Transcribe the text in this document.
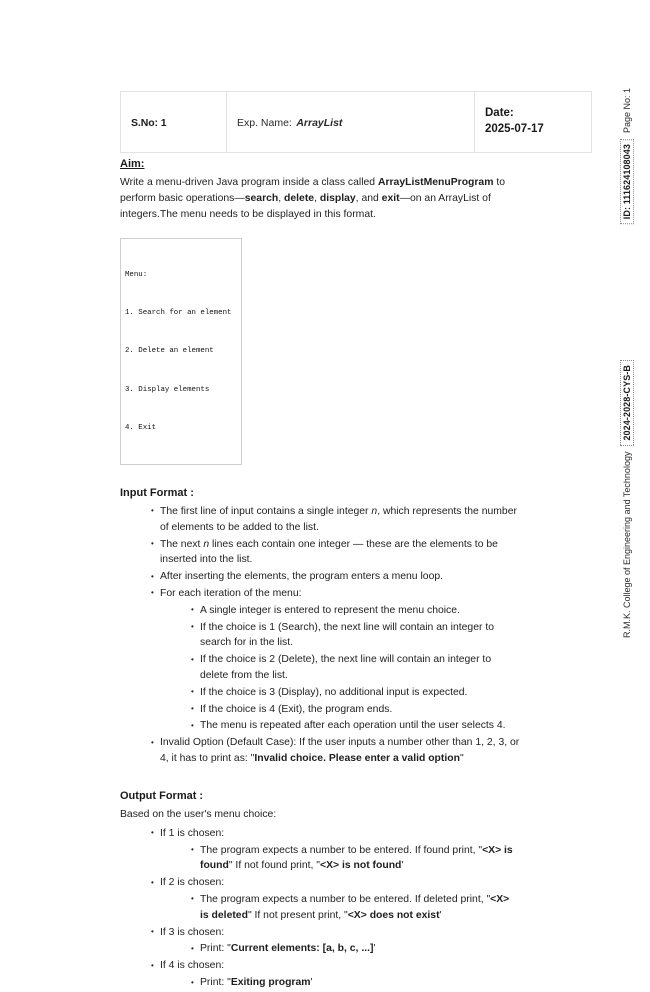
S.No: 1	Exp. Name: ArrayList	
Date:
2025-07-17
Aim:

Write a menu-driven Java program inside a class called ArrayListMenuProgram to perform basic operations—search, delete, display, and exit—on an ArrayList of integers.The menu needs to be displayed in this format.

Menu:

1. Search for an element

2. Delete an element

3. Display elements

4. Exit

Input Format :
• The first line of input contains a single integer n, which represents the number of elements to be added to the list.
• The next n lines each contain one integer — these are the elements to be inserted into the list.
• After inserting the elements, the program enters a menu loop.
• For each iteration of the menu:
• A single integer is entered to represent the menu choice.
• If the choice is 1 (Search), the next line will contain an integer to search for in the list.
• If the choice is 2 (Delete), the next line will contain an integer to delete from the list.
• If the choice is 3 (Display), no additional input is expected.
• If the choice is 4 (Exit), the program ends.
• The menu is repeated after each operation until the user selects 4.
• Invalid Option (Default Case): If the user inputs a number other than 1, 2, 3, or 4, it has to print as: "Invalid choice. Please enter a valid option"
Output Format :

Based on the user's menu choice:

• If 1 is chosen:
• The program expects a number to be entered. If found print, "<X> is found" If not found print, "<X> is not found'
• If 2 is chosen:
• The program expects a number to be entered. If deleted print, "<X> is deleted" If not present print, "<X> does not exist'
• If 3 is chosen:
• Print: "Current elements: [a, b, c, ...]'
• If 4 is chosen:
• Print: "Exiting program'
ID: 111624108043Page No: 1
R.M.K. College of Engineering and Technology2024-2028-CYS-B
